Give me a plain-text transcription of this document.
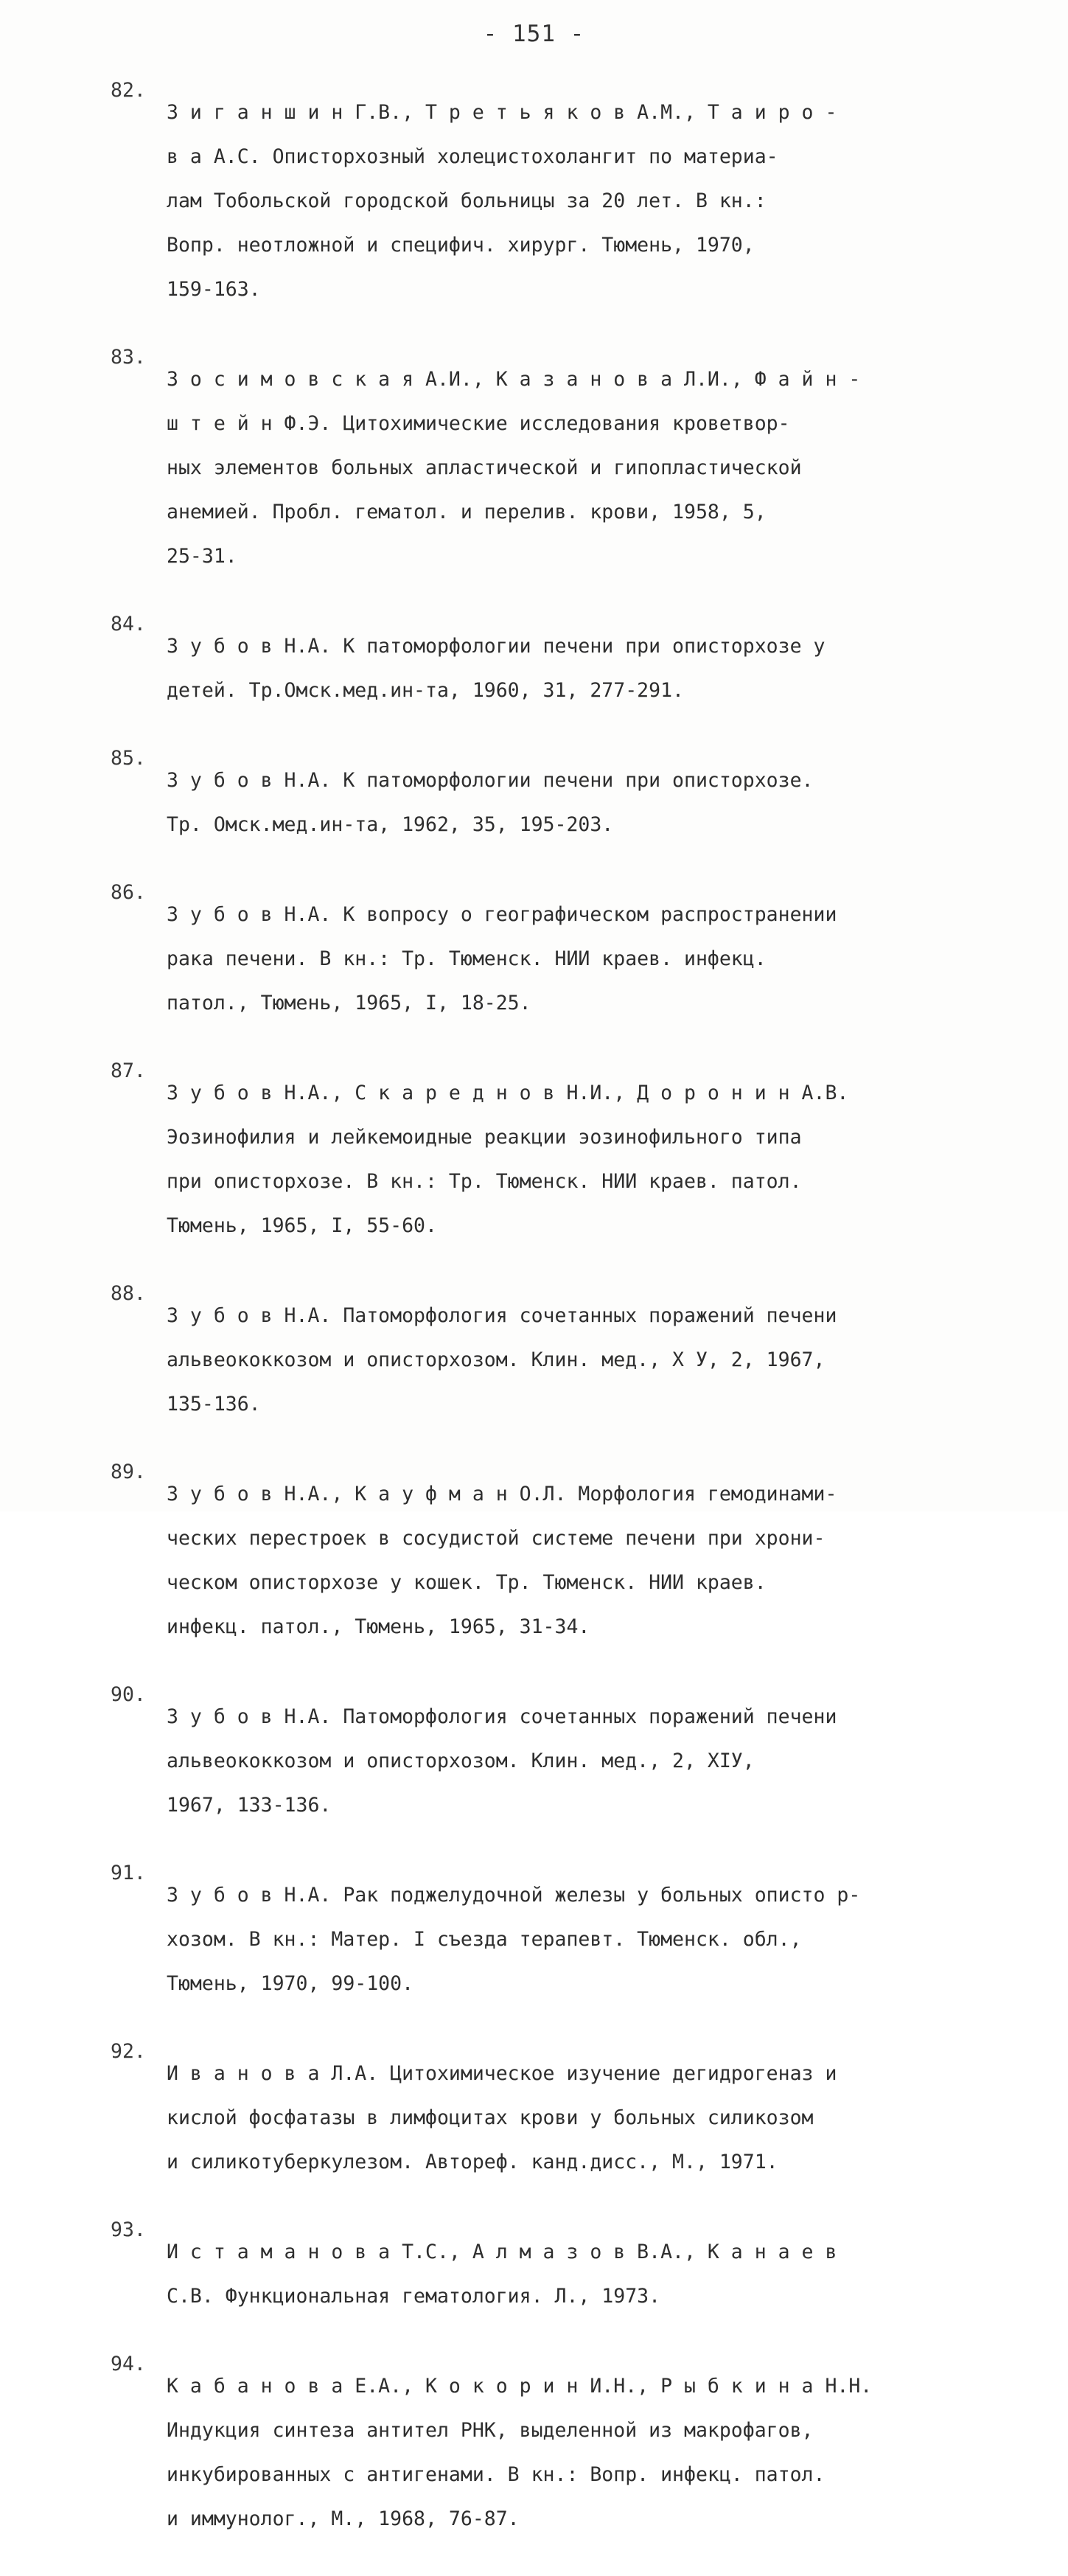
- 151 -
82.

З и г а н ш и н Г.В., Т р е т ь я к о в А.М., Т а и р о -

в а А.С. Описторхозный холецистохолангит по материа-

лам Тобольской городской больницы за 20 лет. В кн.:

Вопр. неотложной и специфич. хирург. Тюмень, 1970,

159-163.

83.

З о с и м о в с к а я А.И., К а з а н о в а Л.И., Ф а й н -

ш т е й н Ф.Э. Цитохимические исследования кроветвор-

ных элементов больных апластической и гипопластической

анемией. Пробл. гематол. и перелив. крови, 1958, 5,

25-31.

84.

З у б о в Н.А. К патоморфологии печени при описторхозе у

детей. Тр.Омск.мед.ин-та, 1960, 31, 277-291.

85.

З у б о в Н.А. К патоморфологии печени при описторхозе.

Тр. Омск.мед.ин-та, 1962, 35, 195-203.

86.

З у б о в Н.А. К вопросу о географическом распространении

рака печени. В кн.: Тр. Тюменск. НИИ краев. инфекц.

патол., Тюмень, 1965, I, 18-25.

87.

З у б о в Н.А., С к а р е д н о в Н.И., Д о р о н и н А.В.

Эозинофилия и лейкемоидные реакции эозинофильного типа

при описторхозе. В кн.: Тр. Тюменск. НИИ краев. патол.

Тюмень, 1965, I, 55-60.

88.

З у б о в Н.А. Патоморфология сочетанных поражений печени

альвеококкозом и описторхозом. Клин. мед., Х У, 2, 1967,

135-136.

89.

З у б о в Н.А., К а у ф м а н О.Л. Морфология гемодинами-

ческих перестроек в сосудистой системе печени при хрони-

ческом описторхозе у кошек. Тр. Тюменск. НИИ краев.

инфекц. патол., Тюмень, 1965, 31-34.

90.

З у б о в Н.А. Патоморфология сочетанных поражений печени

альвеококкозом и описторхозом. Клин. мед., 2, ХIУ,

1967, 133-136.

91.

З у б о в Н.А. Рак поджелудочной железы у больных описто р-

хозом. В кн.: Матер. I съезда терапевт. Тюменск. обл.,

Тюмень, 1970, 99-100.

92.

И в а н о в а Л.А. Цитохимическое изучение дегидрогеназ и

кислой фосфатазы в лимфоцитах крови у больных силикозом

и силикотуберкулезом. Автореф. канд.дисс., М., 1971.

93.

И с т а м а н о в а Т.С., А л м а з о в В.А., К а н а е в

С.В. Функциональная гематология. Л., 1973.

94.

К а б а н о в а Е.А., К о к о р и н И.Н., Р ы б к и н а Н.Н.

Индукция синтеза антител РНК, выделенной из макрофагов,

инкубированных с антигенами. В кн.: Вопр. инфекц. патол.

и иммунолог., М., 1968, 76-87.
